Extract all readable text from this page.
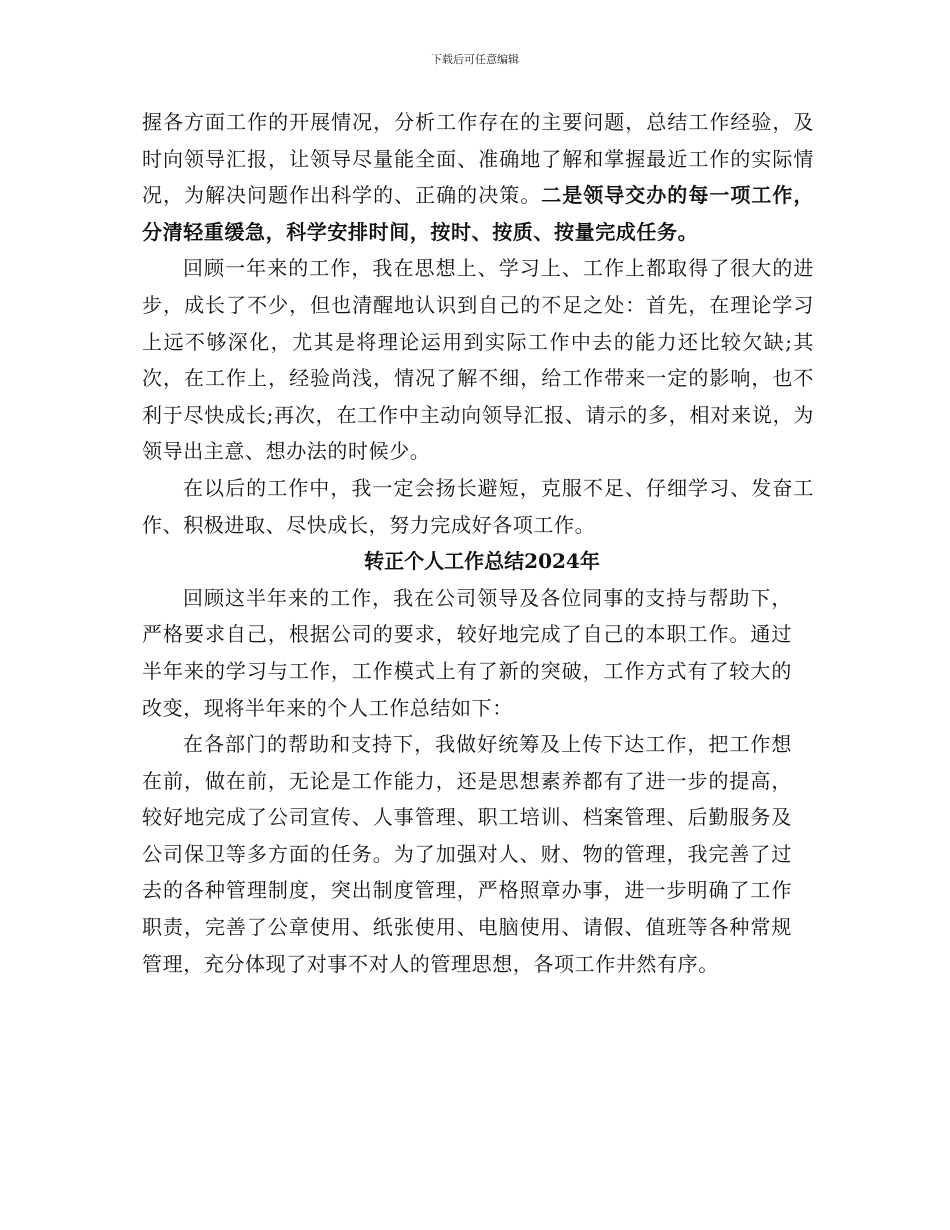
下载后可任意编辑

握各方面工作的开展情况，分析工作存在的主要问题，总结工作经验，及时向领导汇报，让领导尽量能全面、准确地了解和掌握最近工作的实际情况，为解决问题作出科学的、正确的决策。二是领导交办的每一项工作，分清轻重缓急，科学安排时间，按时、按质、按量完成任务。

回顾一年来的工作，我在思想上、学习上、工作上都取得了很大的进步，成长了不少，但也清醒地认识到自己的不足之处：首先，在理论学习上远不够深化，尤其是将理论运用到实际工作中去的能力还比较欠缺;其次，在工作上，经验尚浅，情况了解不细，给工作带来一定的影响，也不利于尽快成长;再次，在工作中主动向领导汇报、请示的多，相对来说，为领导出主意、想办法的时候少。

在以后的工作中，我一定会扬长避短，克服不足、仔细学习、发奋工作、积极进取、尽快成长，努力完成好各项工作。

转正个人工作总结2024年

回顾这半年来的工作，我在公司领导及各位同事的支持与帮助下，严格要求自己，根据公司的要求，较好地完成了自己的本职工作。通过半年来的学习与工作，工作模式上有了新的突破，工作方式有了较大的改变，现将半年来的个人工作总结如下：

在各部门的帮助和支持下，我做好统筹及上传下达工作，把工作想在前，做在前，无论是工作能力，还是思想素养都有了进一步的提高，较好地完成了公司宣传、人事管理、职工培训、档案管理、后勤服务及公司保卫等多方面的任务。为了加强对人、财、物的管理，我完善了过去的各种管理制度，突出制度管理，严格照章办事，进一步明确了工作职责，完善了公章使用、纸张使用、电脑使用、请假、值班等各种常规管理，充分体现了对事不对人的管理思想，各项工作井然有序。
